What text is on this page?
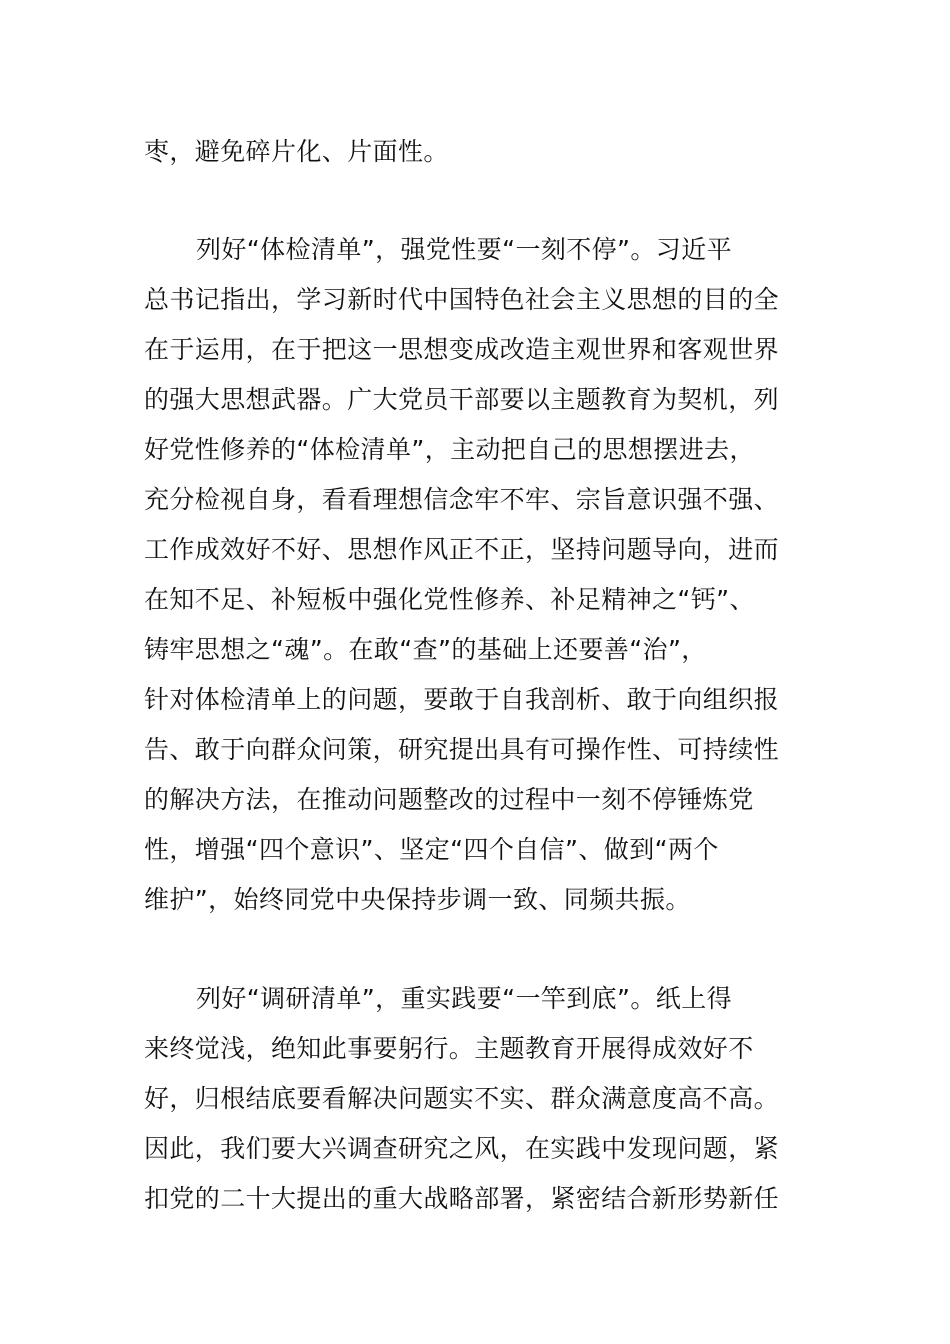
枣，避免碎片化、片面性。
列好“体检清单”，强党性要“一刻不停”。习近平
总书记指出，学习新时代中国特色社会主义思想的目的全
在于运用，在于把这一思想变成改造主观世界和客观世界
的强大思想武器。广大党员干部要以主题教育为契机，列
好党性修养的“体检清单”，主动把自己的思想摆进去，
充分检视自身，看看理想信念牢不牢、宗旨意识强不强、
工作成效好不好、思想作风正不正，坚持问题导向，进而
在知不足、补短板中强化党性修养、补足精神之“钙”、
铸牢思想之“魂”。在敢“查”的基础上还要善“治”，
针对体检清单上的问题，要敢于自我剖析、敢于向组织报
告、敢于向群众问策，研究提出具有可操作性、可持续性
的解决方法，在推动问题整改的过程中一刻不停锤炼党
性，增强“四个意识”、坚定“四个自信”、做到“两个
维护”，始终同党中央保持步调一致、同频共振。
列好“调研清单”，重实践要“一竿到底”。纸上得
来终觉浅，绝知此事要躬行。主题教育开展得成效好不
好，归根结底要看解决问题实不实、群众满意度高不高。
因此，我们要大兴调查研究之风，在实践中发现问题，紧
扣党的二十大提出的重大战略部署，紧密结合新形势新任
